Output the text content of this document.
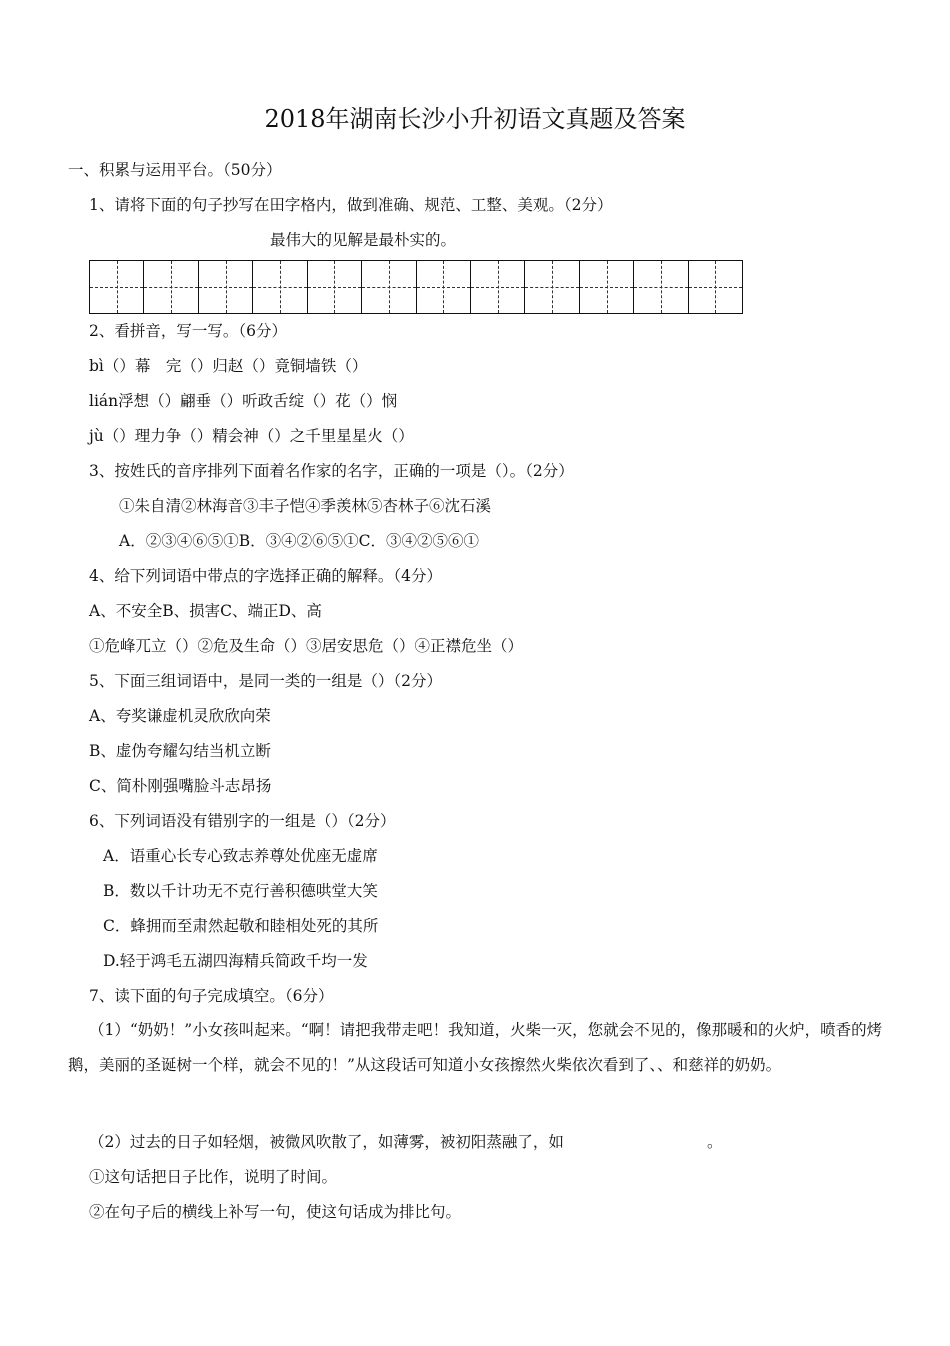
2018年湖南长沙小升初语文真题及答案
一、积累与运用平台。（50分）
1、请将下面的句子抄写在田字格内，做到准确、规范、工整、美观。（2分）
最伟大的见解是最朴实的。
2、看拼音，写一写。（6分）
bì（）幕　完（）归赵（）竟铜墙铁（）
lián浮想（）翩垂（）听政舌绽（）花（）悯
jù（）理力争（）精会神（）之千里星星火（）
3、按姓氏的音序排列下面着名作家的名字，正确的一项是（）。（2分）
①朱自清②林海音③丰子恺④季羡林⑤杏林子⑥沈石溪
A．②③④⑥⑤①B．③④②⑥⑤①C．③④②⑤⑥①
4、给下列词语中带点的字选择正确的解释。（4分）
A、不安全B、损害C、端正D、高
①危峰兀立（）②危及生命（）③居安思危（）④正襟危坐（）
5、下面三组词语中，是同一类的一组是（）（2分）
A、夸奖谦虚机灵欣欣向荣
B、虚伪夸耀勾结当机立断
C、简朴刚强嘴脸斗志昂扬
6、下列词语没有错别字的一组是（）（2分）
A．语重心长专心致志养尊处优座无虚席
B．数以千计功无不克行善积德哄堂大笑
C．蜂拥而至肃然起敬和睦相处死的其所
D.轻于鸿毛五湖四海精兵简政千均一发
7、读下面的句子完成填空。（6分）
（1）“奶奶！”小女孩叫起来。“啊！请把我带走吧！我知道，火柴一灭，您就会不见的，像那暖和的火炉，喷香的烤鹅，美丽的圣诞树一个样，就会不见的！”从这段话可知道小女孩擦然火柴依次看到了、、和慈祥的奶奶。
（2）过去的日子如轻烟，被微风吹散了，如薄雾，被初阳蒸融了，如	。
①这句话把日子比作，说明了时间。
②在句子后的横线上补写一句，使这句话成为排比句。
